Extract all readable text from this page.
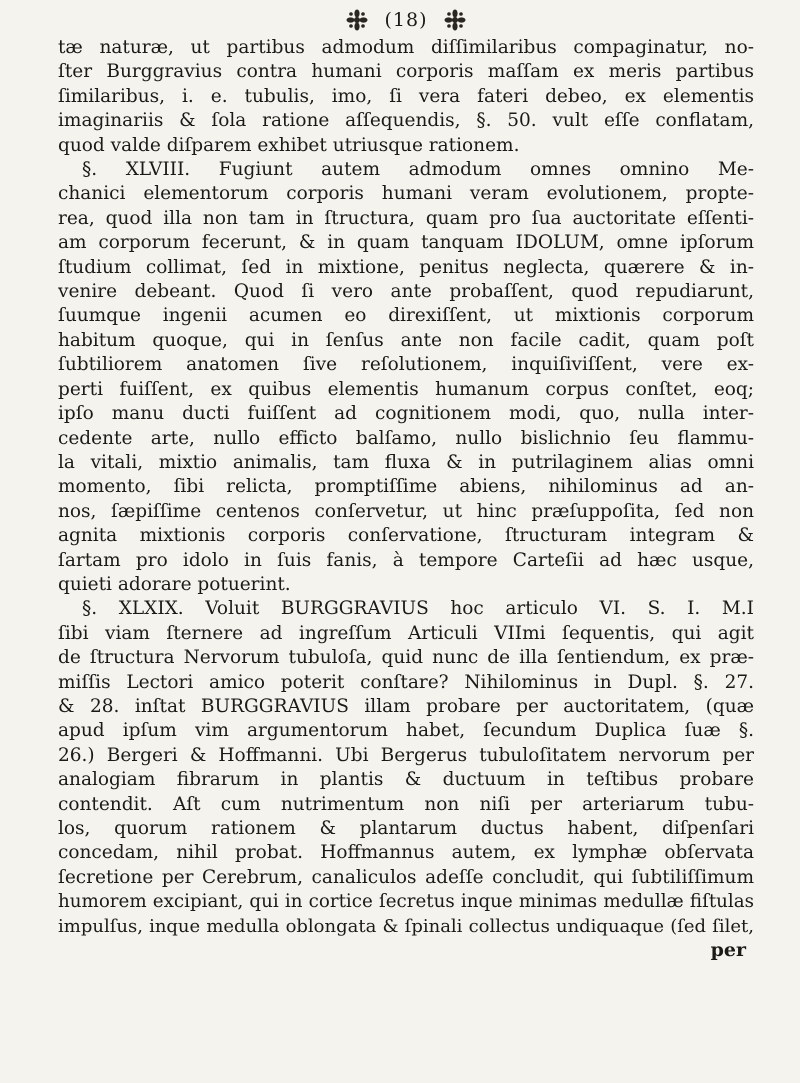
(18)
tæ naturæ, ut partibus admodum diſſimilaribus compaginatur, no-
ſter Burggravius contra humani corporis maſſam ex meris partibus
ſimilaribus, i. e. tubulis, imo, ſi vera fateri debeo, ex elementis
imaginariis & ſola ratione aſſequendis, §. 50. vult eſſe conflatam,
quod valde diſparem exhibet utriusque rationem.
§. XLVIII. Fugiunt autem admodum omnes omnino Me-
chanici elementorum corporis humani veram evolutionem, propte-
rea, quod illa non tam in ſtructura, quam pro ſua auctoritate eſſenti-
am corporum fecerunt, & in quam tanquam IDOLUM, omne ipſorum
ſtudium collimat, ſed in mixtione, penitus neglecta, quærere & in-
venire debeant. Quod ſi vero ante probaſſent, quod repudiarunt,
ſuumque ingenii acumen eo direxiſſent, ut mixtionis corporum
habitum quoque, qui in ſenſus ante non facile cadit, quam poſt
ſubtiliorem anatomen ſive reſolutionem, inquiſiviſſent, vere ex-
perti fuiſſent, ex quibus elementis humanum corpus conſtet, eoq;
ipſo manu ducti fuiſſent ad cognitionem modi, quo, nulla inter-
cedente arte, nullo efficto balſamo, nullo bislichnio ſeu flammu-
la vitali, mixtio animalis, tam fluxa & in putrilaginem alias omni
momento, ſibi relicta, promptiſſime abiens, nihilominus ad an-
nos, ſæpiſſime centenos conſervetur, ut hinc præſuppoſita, ſed non
agnita mixtionis corporis conſervatione, ſtructuram integram &
ſartam pro idolo in ſuis fanis, à tempore Carteſii ad hæc usque,
quieti adorare potuerint.
§. XLXIX. Voluit BURGGRAVIUS hoc articulo VI. S. I. M.I
ſibi viam ſternere ad ingreſſum Articuli VIImi ſequentis, qui agit
de ſtructura Nervorum tubuloſa, quid nunc de illa ſentiendum, ex præ-
miſſis Lectori amico poterit conſtare? Nihilominus in Dupl. §. 27.
& 28. inſtat BURGGRAVIUS illam probare per auctoritatem, (quæ
apud ipſum vim argumentorum habet, ſecundum Duplica ſuæ §.
26.) Bergeri & Hoffmanni. Ubi Bergerus tubuloſitatem nervorum per
analogiam fibrarum in plantis & ductuum in teſtibus probare
contendit. Aſt cum nutrimentum non niſi per arteriarum tubu-
los, quorum rationem & plantarum ductus habent, diſpenſari
concedam, nihil probat. Hoffmannus autem, ex lymphæ obſervata
ſecretione per Cerebrum, canaliculos adeſſe concludit, qui ſubtiliſſimum
humorem excipiant, qui in cortice ſecretus inque minimas medullæ fiſtulas
impulſus, inque medulla oblongata & ſpinali collectus undiquaque (ſed ſilet,
per
